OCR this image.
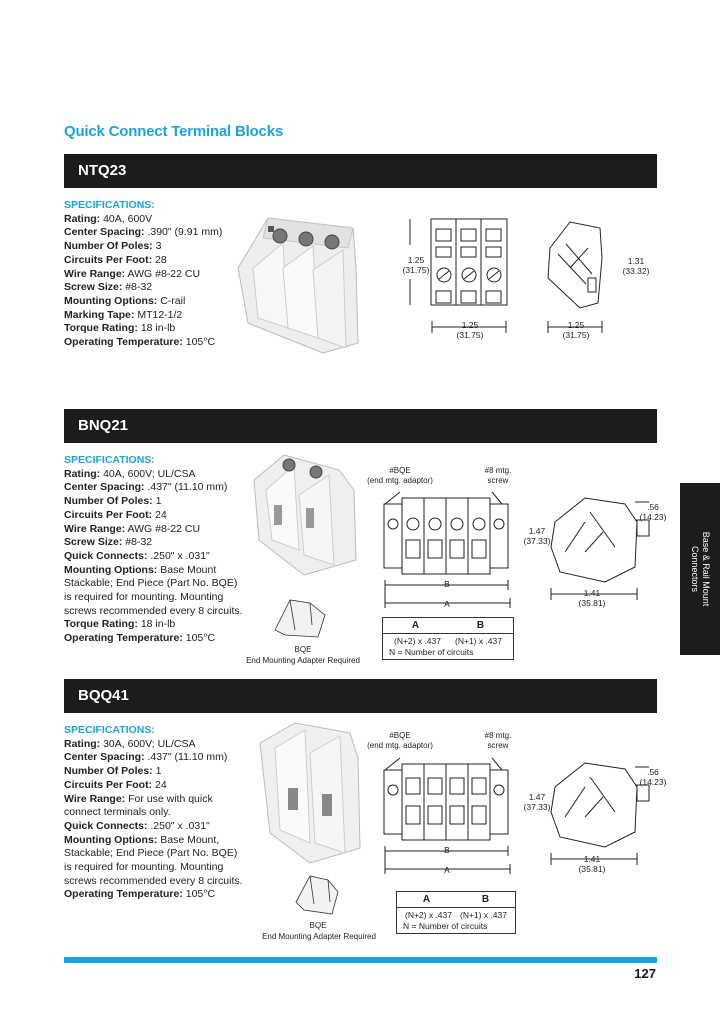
Quick Connect Terminal Blocks
NTQ23
SPECIFICATIONS:
Rating: 40A, 600V
Center Spacing: .390" (9.91 mm)
Number Of Poles: 3
Circuits Per Foot: 28
Wire Range: AWG #8-22 CU
Screw Size: #8-32
Mounting Options: C-rail
Marking Tape: MT12-1/2
Torque Rating: 18 in-lb
Operating Temperature: 105°C
1.25
(31.75)
1.25
(31.75)
1.31
(33.32)
1.25
(31.75)
BNQ21
SPECIFICATIONS:
Rating: 40A, 600V; UL/CSA
Center Spacing: .437" (11.10 mm)
Number Of Poles: 1
Circuits Per Foot: 24
Wire Range: AWG #8-22 CU
Screw Size: #8-32
Quick Connects: .250" x .031"
Mounting Options: Base Mount
Stackable; End Piece (Part No. BQE)
is required for mounting. Mounting
screws recommended every 8 circuits.
Torque Rating: 18 in-lb
Operating Temperature: 105°C
BQE
End Mounting Adapter Required
#BQE
(end mtg. adaptor)
#8 mtg.
screw
B
A
1.47
(37.33)
.56
(14.23)
1.41
(35.81)
A	B
(N+2) x .437 (N+1) x .437
N = Number of circuits
Base & Rail Mount
Connectors
BQQ41
SPECIFICATIONS:
Rating: 30A, 600V; UL/CSA
Center Spacing: .437" (11.10 mm)
Number Of Poles: 1
Circuits Per Foot: 24
Wire Range: For use with quick
connect terminals only.
Quick Connects: .250" x .031"
Mounting Options: Base Mount,
Stackable; End Piece (Part No. BQE)
is required for mounting. Mounting
screws recommended every 8 circuits.
Operating Temperature: 105°C
BQE
End Mounting Adapter Required
#BQE
(end mtg. adaptor)
#8 mtg.
screw
B
A
1.47
(37.33)
.56
(14.23)
1.41
(35.81)
A	B
(N+2) x .437 (N+1) x .437
N = Number of circuits
127
